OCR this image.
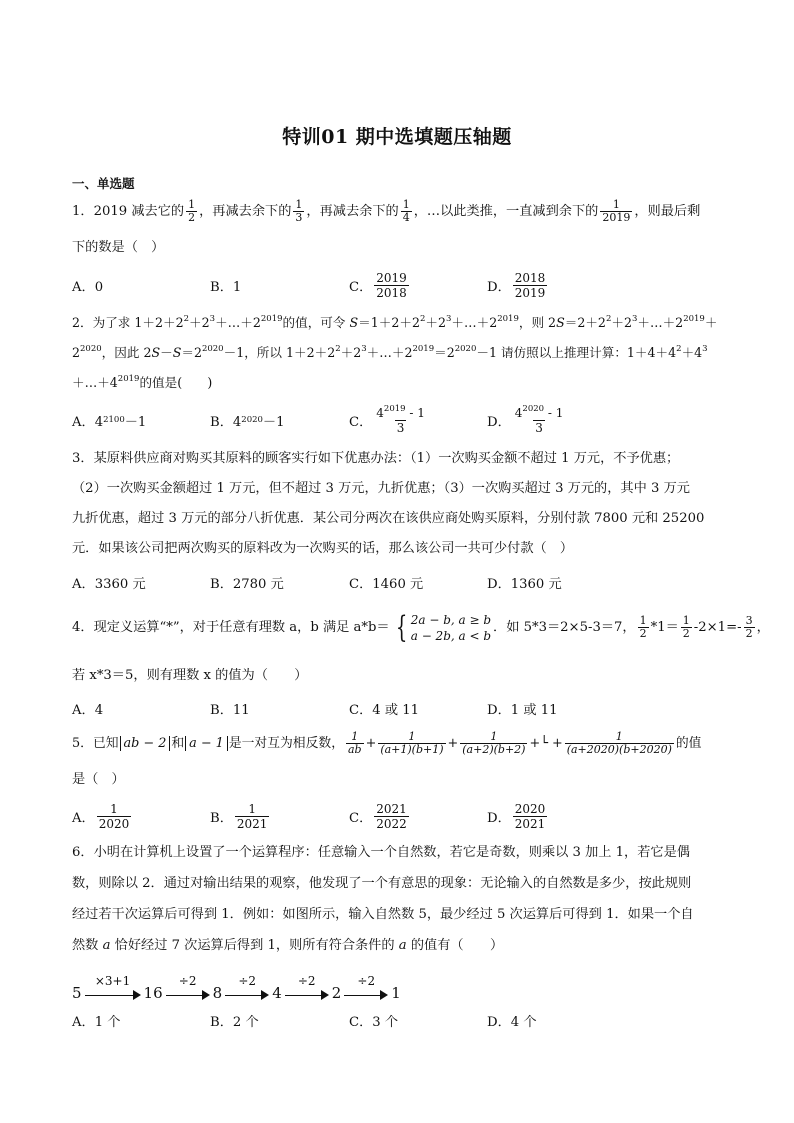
特训01 期中选填题压轴题
一、单选题
1．2019 减去它的 $\frac{1}{2}$ ，再减去余下的 $\frac{1}{3}$ ，再减去余下的 $\frac{1}{4}$ ，…以此类推，一直减到余下的 $\frac{1}{2019}$ ，则最后剩
下的数是（　）
A．0	B．1	C． $\frac{2019}{2018}$	D． $\frac{2018}{2019}$
2．为了求 $1+2+2^2+2^3+\dots+2^{2019}$的值，可令 $S=1+2+2^2+2^3+\dots+2^{2019}$，则 $2S=2+2^2+2^3+\dots+2^{2019}+$
$2^{2020}$，因此 $2S-S=2^{2020}-1$，所以 $1+2+2^2+2^3+\dots+2^{2019}=2^{2020}-1$ 请仿照以上推理计算：$1+4+4^2+4^3$
$+\dots+4^{2019}$的值是(　　)
A．4 2100 －1	B．4 2020 －1	C． $\frac{4^{2019} - 1}{3}$	D． $\frac{4^{2020} - 1}{3}$
3．某原料供应商对购买其原料的顾客实行如下优惠办法：（1）一次购买金额不超过 1 万元，不予优惠；
（2）一次购买金额超过 1 万元，但不超过 3 万元，九折优惠；（3）一次购买超过 3 万元的，其中 3 万元
九折优惠，超过 3 万元的部分八折优惠．某公司分两次在该供应商处购买原料，分别付款 7800 元和 25200
元．如果该公司把两次购买的原料改为一次购买的话，那么该公司一共可少付款（　）
A．3360 元	B．2780 元	C．1460 元	D．1360 元
4．现定义运算“*”，对于任意有理数 a，b 满足 a*b＝ { 2a − b, a ≥ b
a − 2b, a < b
．如 5*3＝2×5-3＝7， $\frac{1}{2} *1= \frac{1}{2} -2\times 1=- \frac{3}{2}$ ，
若 x*3＝5，则有理数 x 的值为（　　）
A．4	B．11	C．4 或 11	D．1 或 11
5．已知 ab − 2 和 a − 1 是一对互为相反数， $\frac{1}{ab} + \frac{1}{(a+1)(b+1)} + \frac{1}{(a+2)(b+2)}$ +└ + $\frac{1}{(a+2020)(b+2020)}$ 的值
是（　）
A． $\frac{1}{2020}$	B． $\frac{1}{2021}$	C． $\frac{2021}{2022}$	D． $\frac{2020}{2021}$
6．小明在计算机上设置了一个运算程序：任意输入一个自然数，若它是奇数，则乘以 3 加上 1，若它是偶
数，则除以 2．通过对输出结果的观察，他发现了一个有意思的现象：无论输入的自然数是多少，按此规则
经过若干次运算后可得到 1．例如：如图所示，输入自然数 5，最少经过 5 次运算后可得到 1．如果一个自
然数 a 恰好经过 7 次运算后得到 1，则所有符合条件的 a 的值有（　　）
5
×3+1
16
÷2
8
÷2
4
÷2
2
÷2
1
A．1 个	B．2 个	C．3 个	D．4 个
